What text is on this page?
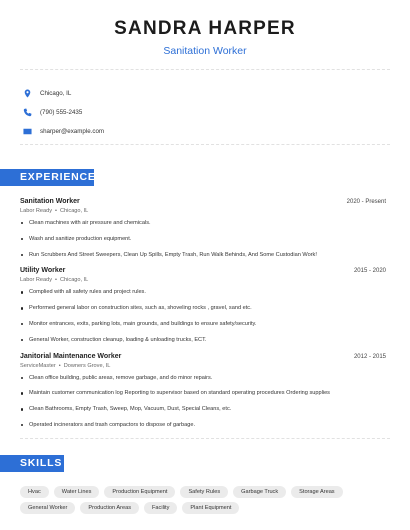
SANDRA HARPER
Sanitation Worker
Chicago, IL
(790) 555-2435
sharper@example.com
EXPERIENCE
Sanitation Worker	2020 - Present
Labor Ready • Chicago, IL
Clean machines with air pressure and chemicals.
Wash and sanitize production equipment.
Run Scrubbers And Street Sweepers, Clean Up Spills, Empty Trash, Run Walk Behinds, And Some Custodian Work!
Utility Worker	2015 - 2020
Labor Ready • Chicago, IL
Complied with all safety rules and project rules.
Performed general labor on construction sites, such as, shoveling rocks , gravel, sand etc.
Monitor entrances, exits, parking lots, main grounds, and buildings to ensure safety/security.
General Worker, construction cleanup, loading & unloading trucks, ECT.
Janitorial Maintenance Worker	2012 - 2015
ServiceMaster • Downers Grove, IL
Clean office building, public areas, remove garbage, and do minor repairs.
Maintain customer communication log Reporting to supervisor based on standard operating procedures Ordering supplies
Clean Bathrooms, Empty Trash, Sweep, Mop, Vacuum, Dust, Special Cleans, etc.
Operated incinerators and trash compactors to dispose of garbage.
SKILLS
Hvac	Water Lines	Production Equipment	Safety Rules	Garbage Truck	Storage Areas
General Worker	Production Areas	Facility	Plant Equipment
